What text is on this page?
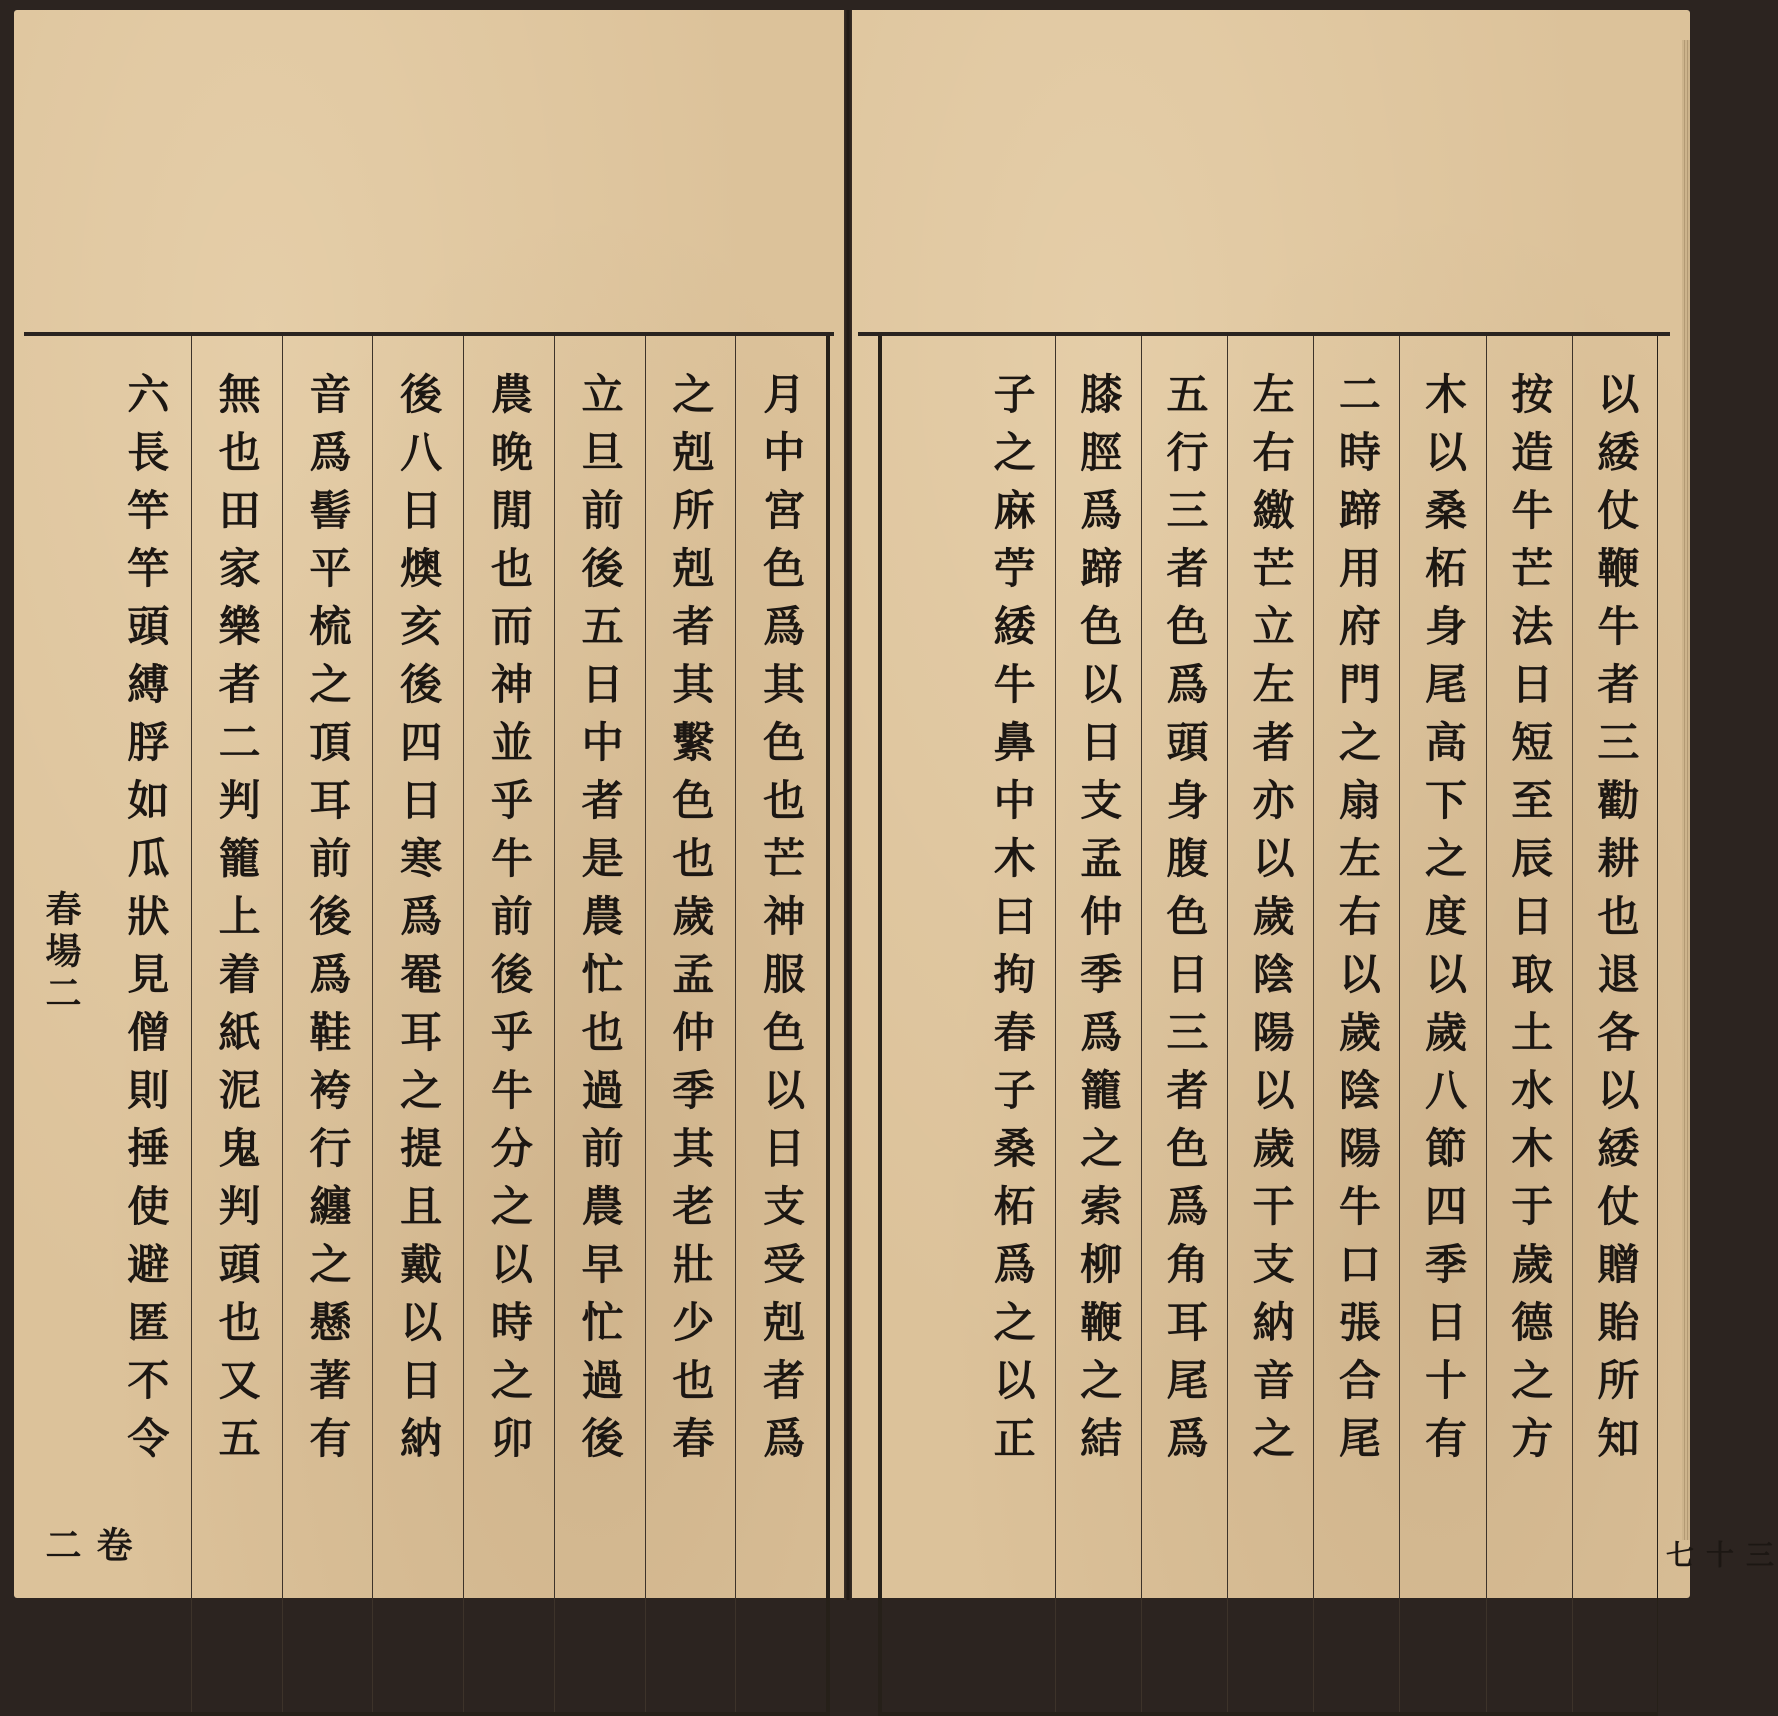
月中宮色爲其色也芒神服色以日支受剋者爲
之剋所剋者其繫色也歲孟仲季其老壯少也春
立旦前後五日中者是農忙也過前農早忙過後
農晚閒也而神並乎牛前後乎牛分之以時之卯
後八日燠亥後四日寒爲罨耳之提且戴以日納
音爲髻平梳之頂耳前後爲鞋袴行纏之懸著有
無也田家樂者二判籠上着紙泥鬼判頭也又五
六長竿竿頭縛脬如瓜狀見僧則捶使避匿不令
春場二
卷二
以緌仗鞭牛者三勸耕也退各以緌仗贈貽所知
按造牛芒法日短至辰日取土水木于歲德之方
木以桑柘身尾高下之度以歲八節四季日十有
二時蹄用府門之扇左右以歲陰陽牛口張合尾
左右繳芒立左者亦以歲陰陽以歲干支納音之
五行三者色爲頭身腹色日三者色爲角耳尾爲
膝脛爲蹄色以日支孟仲季爲籠之索柳鞭之結
子之麻苧緌牛鼻中木曰拘春子桑柘爲之以正
三十七
